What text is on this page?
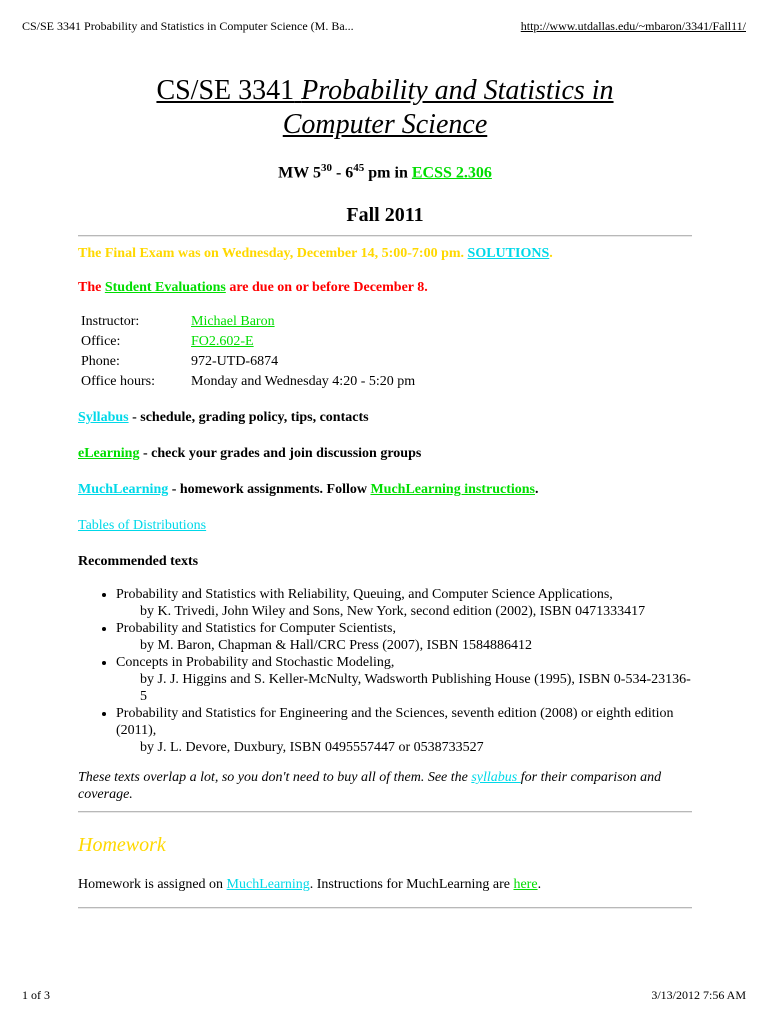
CS/SE 3341 Probability and Statistics in Computer Science (M. Ba...	http://www.utdallas.edu/~mbaron/3341/Fall11/
CS/SE 3341 Probability and Statistics in
Computer Science

MW $5^{30} - 6^{45}$ pm in ECSS 2.306

Fall 2011

The Final Exam was on Wednesday, December 14, 5:00-7:00 pm. SOLUTIONS.
The Student Evaluations are due on or before December 8.
Instructor:	Michael Baron
Office:	FO2.602-E
Phone:	972-UTD-6874
Office hours:	Monday and Wednesday 4:20 - 5:20 pm
Syllabus - schedule, grading policy, tips, contacts
eLearning - check your grades and join discussion groups
MuchLearning - homework assignments. Follow MuchLearning instructions.
Tables of Distributions
Recommended texts
• Probability and Statistics with Reliability, Queuing, and Computer Science Applications,
by K. Trivedi, John Wiley and Sons, New York, second edition (2002), ISBN 0471333417
• Probability and Statistics for Computer Scientists,
by M. Baron, Chapman & Hall/CRC Press (2007), ISBN 1584886412
• Concepts in Probability and Stochastic Modeling,
by J. J. Higgins and S. Keller-McNulty, Wadsworth Publishing House (1995), ISBN 0-534-23136-5
• Probability and Statistics for Engineering and the Sciences, seventh edition (2008) or eighth edition (2011),
by J. L. Devore, Duxbury, ISBN 0495557447 or 0538733527
These texts overlap a lot, so you don't need to buy all of them. See the syllabus for their comparison and coverage.
Homework
Homework is assigned on MuchLearning. Instructions for MuchLearning are here.
1 of 3	3/13/2012 7:56 AM
